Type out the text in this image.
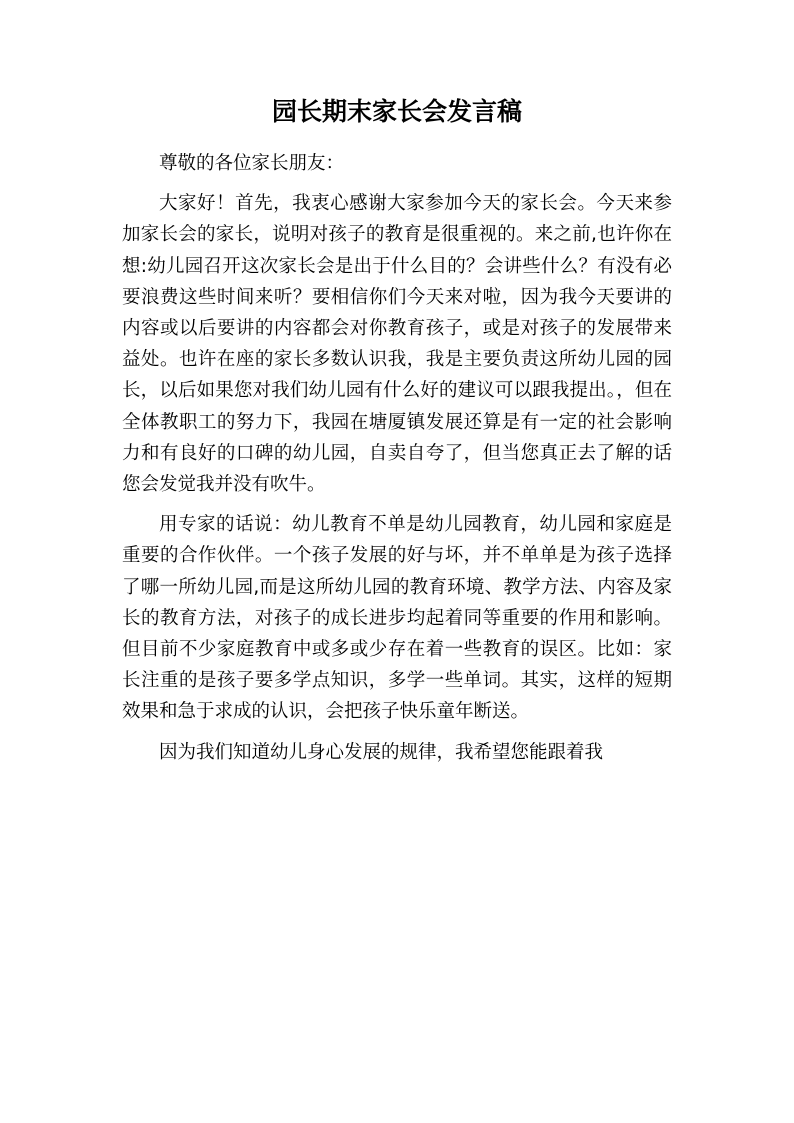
园长期末家长会发言稿

尊敬的各位家长朋友：

大家好！首先，我衷心感谢大家参加今天的家长会。今天来参加家长会的家长，说明对孩子的教育是很重视的。来之前,也许你在想:幼儿园召开这次家长会是出于什么目的？会讲些什么？有没有必要浪费这些时间来听？要相信你们今天来对啦，因为我今天要讲的内容或以后要讲的内容都会对你教育孩子，或是对孩子的发展带来益处。也许在座的家长多数认识我，我是主要负责这所幼儿园的园长，以后如果您对我们幼儿园有什么好的建议可以跟我提出。，但在全体教职工的努力下，我园在塘厦镇发展还算是有一定的社会影响力和有良好的口碑的幼儿园，自卖自夸了，但当您真正去了解的话您会发觉我并没有吹牛。

用专家的话说：幼儿教育不单是幼儿园教育，幼儿园和家庭是重要的合作伙伴。一个孩子发展的好与坏，并不单单是为孩子选择了哪一所幼儿园,而是这所幼儿园的教育环境、教学方法、内容及家长的教育方法，对孩子的成长进步均起着同等重要的作用和影响。但目前不少家庭教育中或多或少存在着一些教育的误区。比如：家长注重的是孩子要多学点知识，多学一些单词。其实，这样的短期效果和急于求成的认识，会把孩子快乐童年断送。

因为我们知道幼儿身心发展的规律，我希望您能跟着我
